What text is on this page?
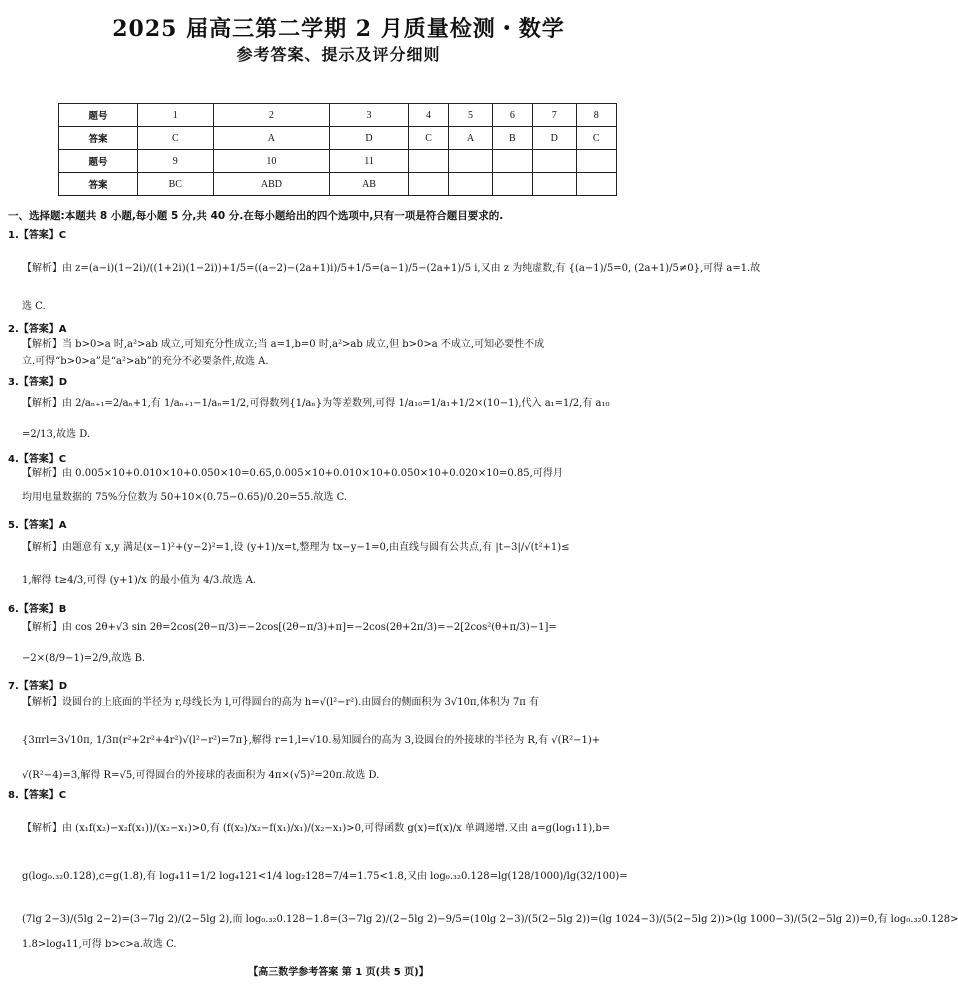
2025 届高三第二学期 2 月质量检测・数学
参考答案、提示及评分细则
题号	1	2	3	4	5	6	7	8
答案	C	A	D	C	A	B	D	C
题号	9	10	11					
答案	BC	ABD	AB					
一、选择题:本题共 8 小题,每小题 5 分,共 40 分.在每小题给出的四个选项中,只有一项是符合题目要求的.
1.【答案】C
【解析】由 z=(a−i)(1−2i)/((1+2i)(1−2i))+1/5=((a−2)−(2a+1)i)/5+1/5=(a−1)/5−(2a+1)/5 i,又由 z 为纯虚数,有 {(a−1)/5=0, (2a+1)/5≠0},可得 a=1.故
选 C.
2.【答案】A
【解析】当 b>0>a 时,a²>ab 成立,可知充分性成立;当 a=1,b=0 时,a²>ab 成立,但 b>0>a 不成立,可知必要性不成
立.可得“b>0>a”是“a²>ab”的充分不必要条件,故选 A.
3.【答案】D
【解析】由 2/aₙ₊₁=2/aₙ+1,有 1/aₙ₊₁−1/aₙ=1/2,可得数列{1/aₙ}为等差数列,可得 1/a₁₀=1/a₁+1/2×(10−1),代入 a₁=1/2,有 a₁₀
=2/13,故选 D.
4.【答案】C
【解析】由 0.005×10+0.010×10+0.050×10=0.65,0.005×10+0.010×10+0.050×10+0.020×10=0.85,可得月
均用电量数据的 75%分位数为 50+10×(0.75−0.65)/0.20=55.故选 C.
5.【答案】A
【解析】由题意有 x,y 满足(x−1)²+(y−2)²=1,设 (y+1)/x=t,整理为 tx−y−1=0,由直线与圆有公共点,有 |t−3|/√(t²+1)≤
1,解得 t≥4/3,可得 (y+1)/x 的最小值为 4/3.故选 A.
6.【答案】B
【解析】由 cos 2θ+√3 sin 2θ=2cos(2θ−π/3)=−2cos[(2θ−π/3)+π]=−2cos(2θ+2π/3)=−2[2cos²(θ+π/3)−1]=
−2×(8/9−1)=2/9,故选 B.
7.【答案】D
【解析】设圆台的上底面的半径为 r,母线长为 l,可得圆台的高为 h=√(l²−r²).由圆台的侧面积为 3√10π,体积为 7π 有
{3πrl=3√10π, 1/3π(r²+2r²+4r²)√(l²−r²)=7π},解得 r=1,l=√10.易知圆台的高为 3,设圆台的外接球的半径为 R,有 √(R²−1)+
√(R²−4)=3,解得 R=√5,可得圆台的外接球的表面积为 4π×(√5)²=20π.故选 D.
8.【答案】C
【解析】由 (x₁f(x₂)−x₂f(x₁))/(x₂−x₁)>0,有 (f(x₂)/x₂−f(x₁)/x₁)/(x₂−x₁)>0,可得函数 g(x)=f(x)/x 单调递增.又由 a=g(log₁11),b=
g(log₀.₃₂0.128),c=g(1.8),有 log₄11=1/2 log₄121<1/4 log₂128=7/4=1.75<1.8,又由 log₀.₃₂0.128=lg(128/1000)/lg(32/100)=
(7lg 2−3)/(5lg 2−2)=(3−7lg 2)/(2−5lg 2),而 log₀.₃₂0.128−1.8=(3−7lg 2)/(2−5lg 2)−9/5=(10lg 2−3)/(5(2−5lg 2))=(lg 1024−3)/(5(2−5lg 2))>(lg 1000−3)/(5(2−5lg 2))=0,有 log₀.₃₂0.128>
1.8>log₄11,可得 b>c>a.故选 C.
【高三数学参考答案 第 1 页(共 5 页)】
